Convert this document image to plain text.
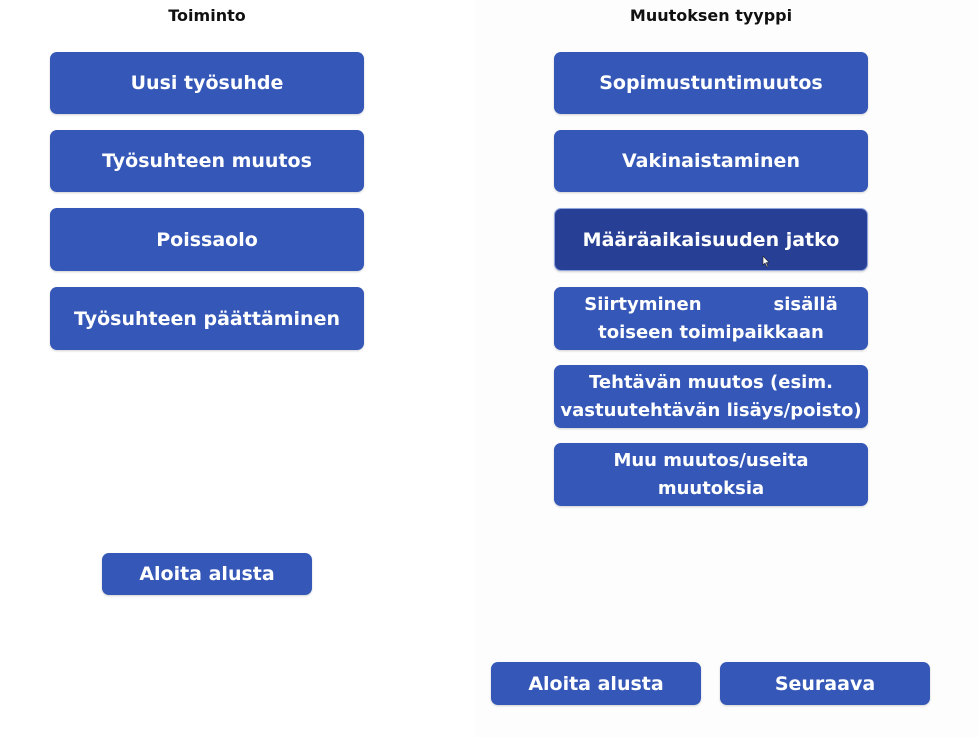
Toiminto
Uusi työsuhde
Työsuhteen muutos
Poissaolo
Työsuhteen päättäminen
Aloita alusta
Muutoksen tyyppi
Sopimustuntimuutos
Vakinaistaminen
Määräaikaisuuden jatko
Siirtyminen	sisällä
toiseen toimipaikkaan
Tehtävän muutos (esim.
vastuutehtävän lisäys/poisto)
Muu muutos/useita
muutoksia
Aloita alusta	Seuraava
